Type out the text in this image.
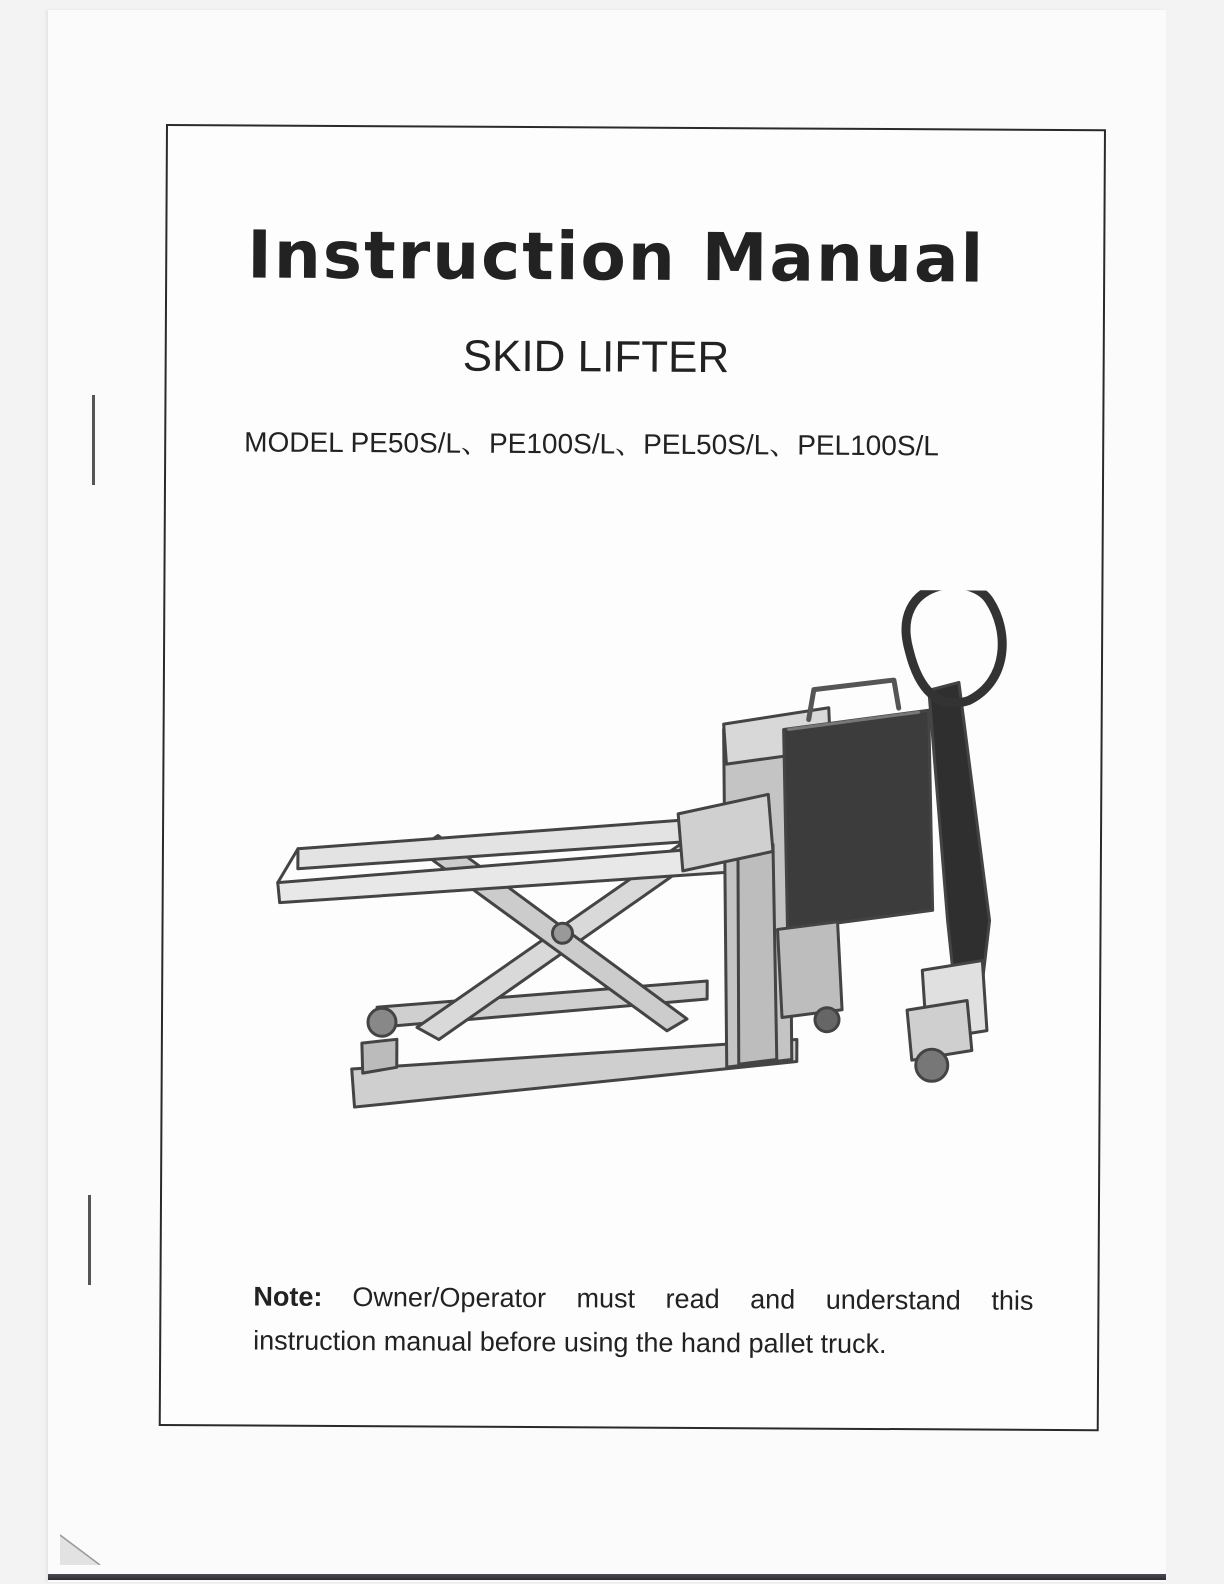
Instruction Manual
SKID LIFTER

MODEL PE50S/L、PE100S/L、PEL50S/L、PEL100S/L

Note: Owner/Operator must read and understand this instruction manual before using the hand pallet truck.
